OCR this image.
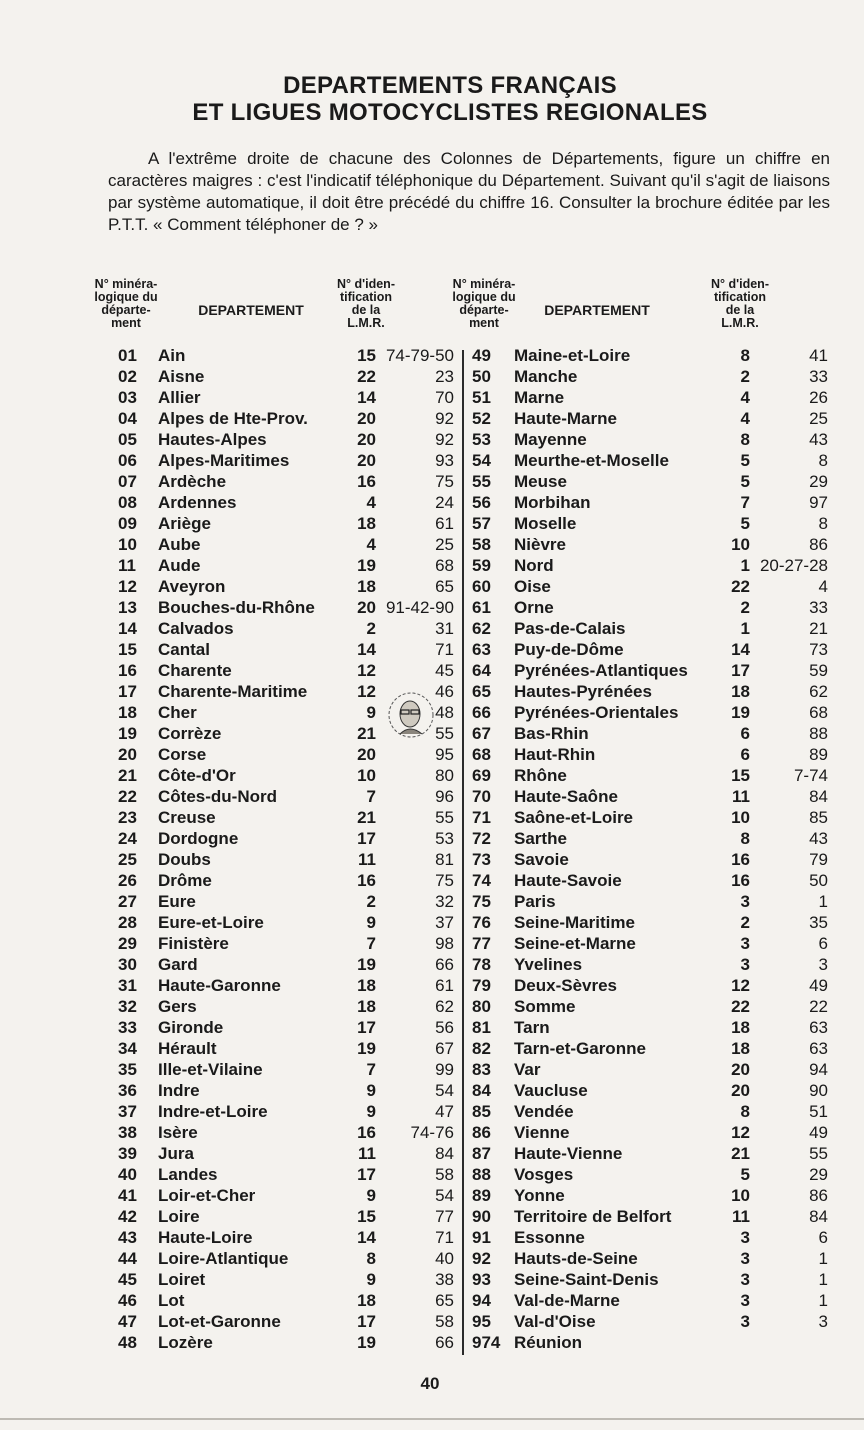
DEPARTEMENTS FRANÇAIS
ET LIGUES MOTOCYCLISTES REGIONALES

A l'extrême droite de chacune des Colonnes de Départements, figure un chiffre en caractères maigres : c'est l'indicatif téléphonique du Département. Suivant qu'il s'agit de liaisons par système automatique, il doit être précédé du chiffre 16. Consulter la brochure éditée par les P.T.T. « Comment téléphoner de ? »

N° minéra-
logique du
départe-
ment
DEPARTEMENT
N° d'iden-
tification
de la
L.M.R.
N° minéra-
logique du
départe-
ment
DEPARTEMENT
N° d'iden-
tification
de la
L.M.R.
01	Ain	15 74-79-50
02	Aisne	22	23
03	Allier	14	70
04	Alpes de Hte-Prov.	20	92
05	Hautes-Alpes	20	92
06	Alpes-Maritimes	20	93
07	Ardèche	16	75
08	Ardennes	4	24
09	Ariège	18	61
10	Aube	4	25
11	Aude	19	68
12	Aveyron	18	65
13	Bouches-du-Rhône	20 91-42-90
14	Calvados	2	31
15	Cantal	14	71
16	Charente	12	45
17	Charente-Maritime	12	46
18	Cher	9	48
19	Corrèze	21	55
20	Corse	20	95
21	Côte-d'Or	10	80
22	Côtes-du-Nord	7	96
23	Creuse	21	55
24	Dordogne	17	53
25	Doubs	11	81
26	Drôme	16	75
27	Eure	2	32
28	Eure-et-Loire	9	37
29	Finistère	7	98
30	Gard	19	66
31	Haute-Garonne	18	61
32	Gers	18	62
33	Gironde	17	56
34	Hérault	19	67
35	Ille-et-Vilaine	7	99
36	Indre	9	54
37	Indre-et-Loire	9	47
38	Isère	16	74-76
39	Jura	11	84
40	Landes	17	58
41	Loir-et-Cher	9	54
42	Loire	15	77
43	Haute-Loire	14	71
44	Loire-Atlantique	8	40
45	Loiret	9	38
46	Lot	18	65
47	Lot-et-Garonne	17	58
48	Lozère	19	66
49	Maine-et-Loire	8	41
50	Manche	2	33
51	Marne	4	26
52	Haute-Marne	4	25
53	Mayenne	8	43
54	Meurthe-et-Moselle	5	8
55	Meuse	5	29
56	Morbihan	7	97
57	Moselle	5	8
58	Nièvre	10	86
59	Nord	1 20-27-28
60	Oise	22	4
61	Orne	2	33
62	Pas-de-Calais	1	21
63	Puy-de-Dôme	14	73
64	Pyrénées-Atlantiques	17	59
65	Hautes-Pyrénées	18	62
66	Pyrénées-Orientales	19	68
67	Bas-Rhin	6	88
68	Haut-Rhin	6	89
69	Rhône	15	7-74
70	Haute-Saône	11	84
71	Saône-et-Loire	10	85
72	Sarthe	8	43
73	Savoie	16	79
74	Haute-Savoie	16	50
75	Paris	3	1
76	Seine-Maritime	2	35
77	Seine-et-Marne	3	6
78	Yvelines	3	3
79	Deux-Sèvres	12	49
80	Somme	22	22
81	Tarn	18	63
82	Tarn-et-Garonne	18	63
83	Var	20	94
84	Vaucluse	20	90
85	Vendée	8	51
86	Vienne	12	49
87	Haute-Vienne	21	55
88	Vosges	5	29
89	Yonne	10	86
90	Territoire de Belfort	11	84
91	Essonne	3	6
92	Hauts-de-Seine	3	1
93	Seine-Saint-Denis	3	1
94	Val-de-Marne	3	1
95	Val-d'Oise	3	3
974 Réunion
40
